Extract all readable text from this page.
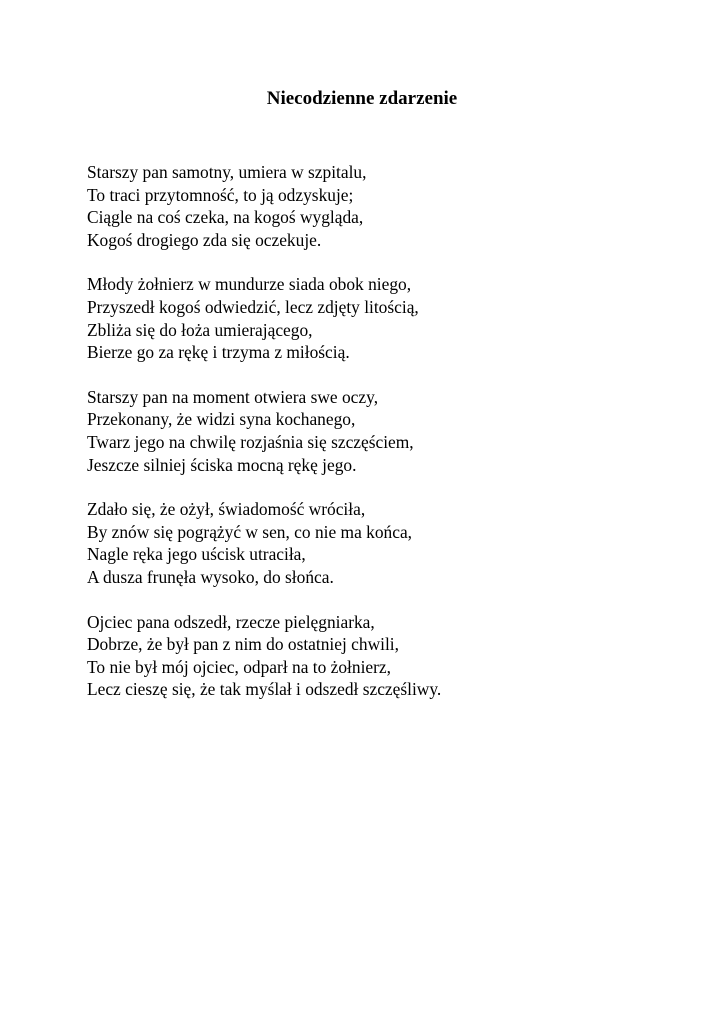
Niecodzienne zdarzenie
Starszy pan samotny, umiera w szpitalu,
To traci przytomność, to ją odzyskuje;
Ciągle na coś czeka, na kogoś wygląda,
Kogoś drogiego zda się oczekuje.
Młody żołnierz w mundurze siada obok niego,
Przyszedł kogoś odwiedzić, lecz zdjęty litością,
Zbliża się do łoża umierającego,
Bierze go za rękę i trzyma z miłością.
Starszy pan na moment otwiera swe oczy,
Przekonany, że widzi syna kochanego,
Twarz jego na chwilę rozjaśnia się szczęściem,
Jeszcze silniej ściska mocną rękę jego.
Zdało się, że ożył, świadomość wróciła,
By znów się pogrążyć w sen, co nie ma końca,
Nagle ręka jego uścisk utraciła,
A dusza frunęła wysoko, do słońca.
Ojciec pana odszedł, rzecze pielęgniarka,
Dobrze, że był pan z nim do ostatniej chwili,
To nie był mój ojciec, odparł na to żołnierz,
Lecz cieszę się, że tak myślał i odszedł szczęśliwy.
